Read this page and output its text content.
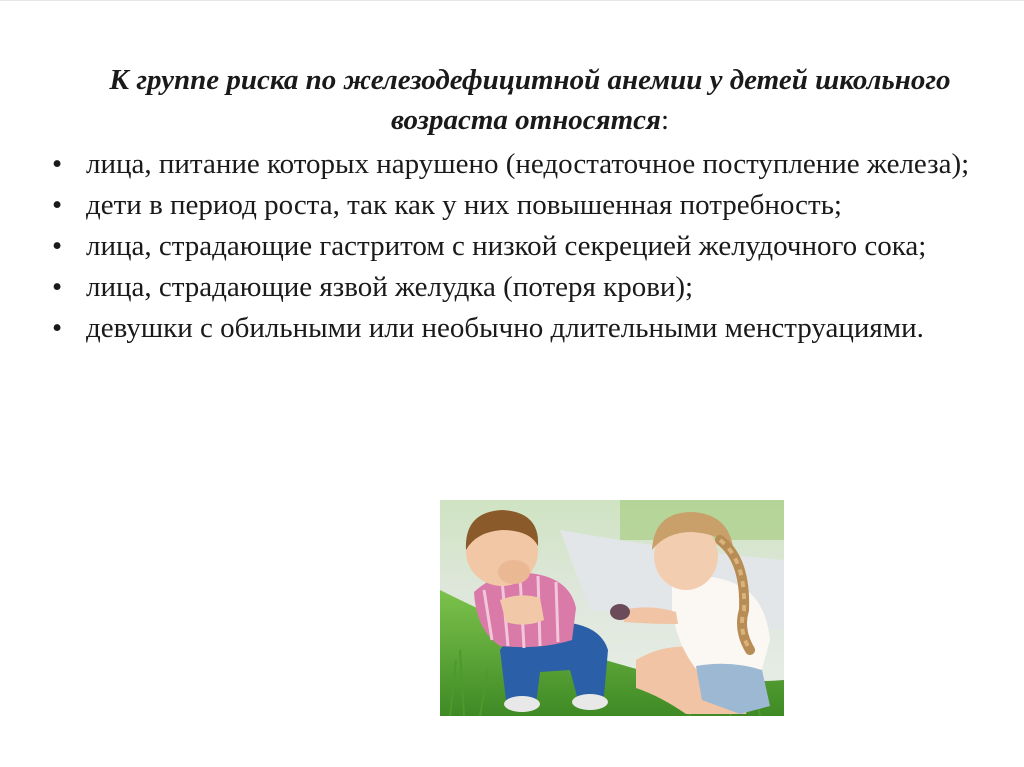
К группе риска по железодефицитной анемии у детей школьного возраста относятся:
• лица, питание которых нарушено (недостаточное поступление железа);
• дети в период роста, так как у них повышенная потребность;
• лица, страдающие гастритом с низкой секрецией желудочного сока;
• лица, страдающие язвой желудка (потеря крови);
• девушки с обильными или необычно длительными менструациями.
